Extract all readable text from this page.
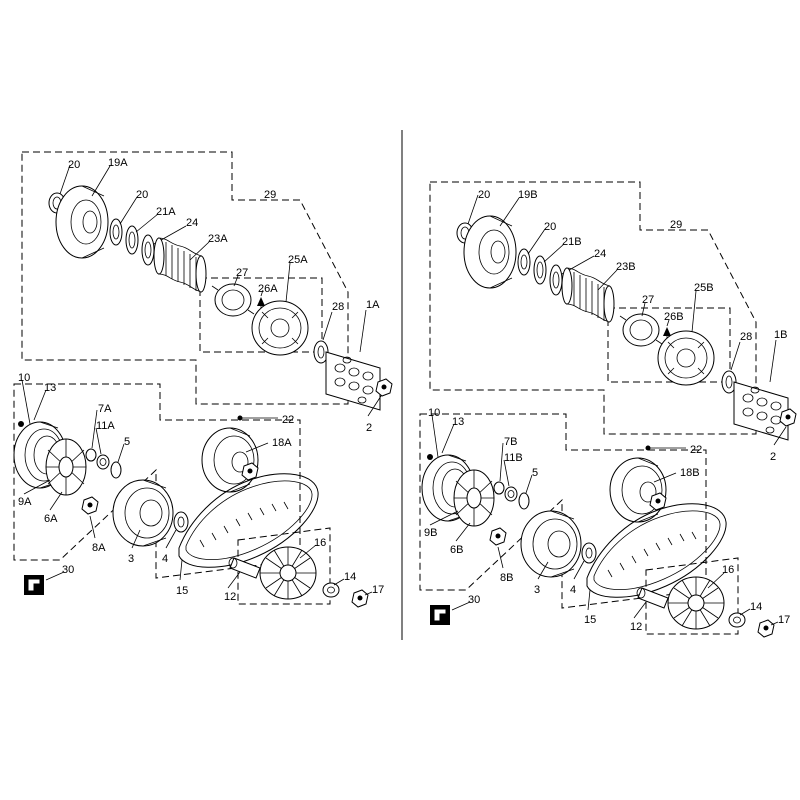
20	19A
20
21A
24
23A
29
25A
27
26A
28 1A
2
10
13
7A
11A
5
22
18A
9A
6A
8A
3	4
15	12
16
14
17
30
20	19B
20
21B
24
23B
29
25B
27
26B
28 1B
2
10
13
7B
11B
5
22
18B
9B
6B
8B
3	4
15
12
16
14
17
30
